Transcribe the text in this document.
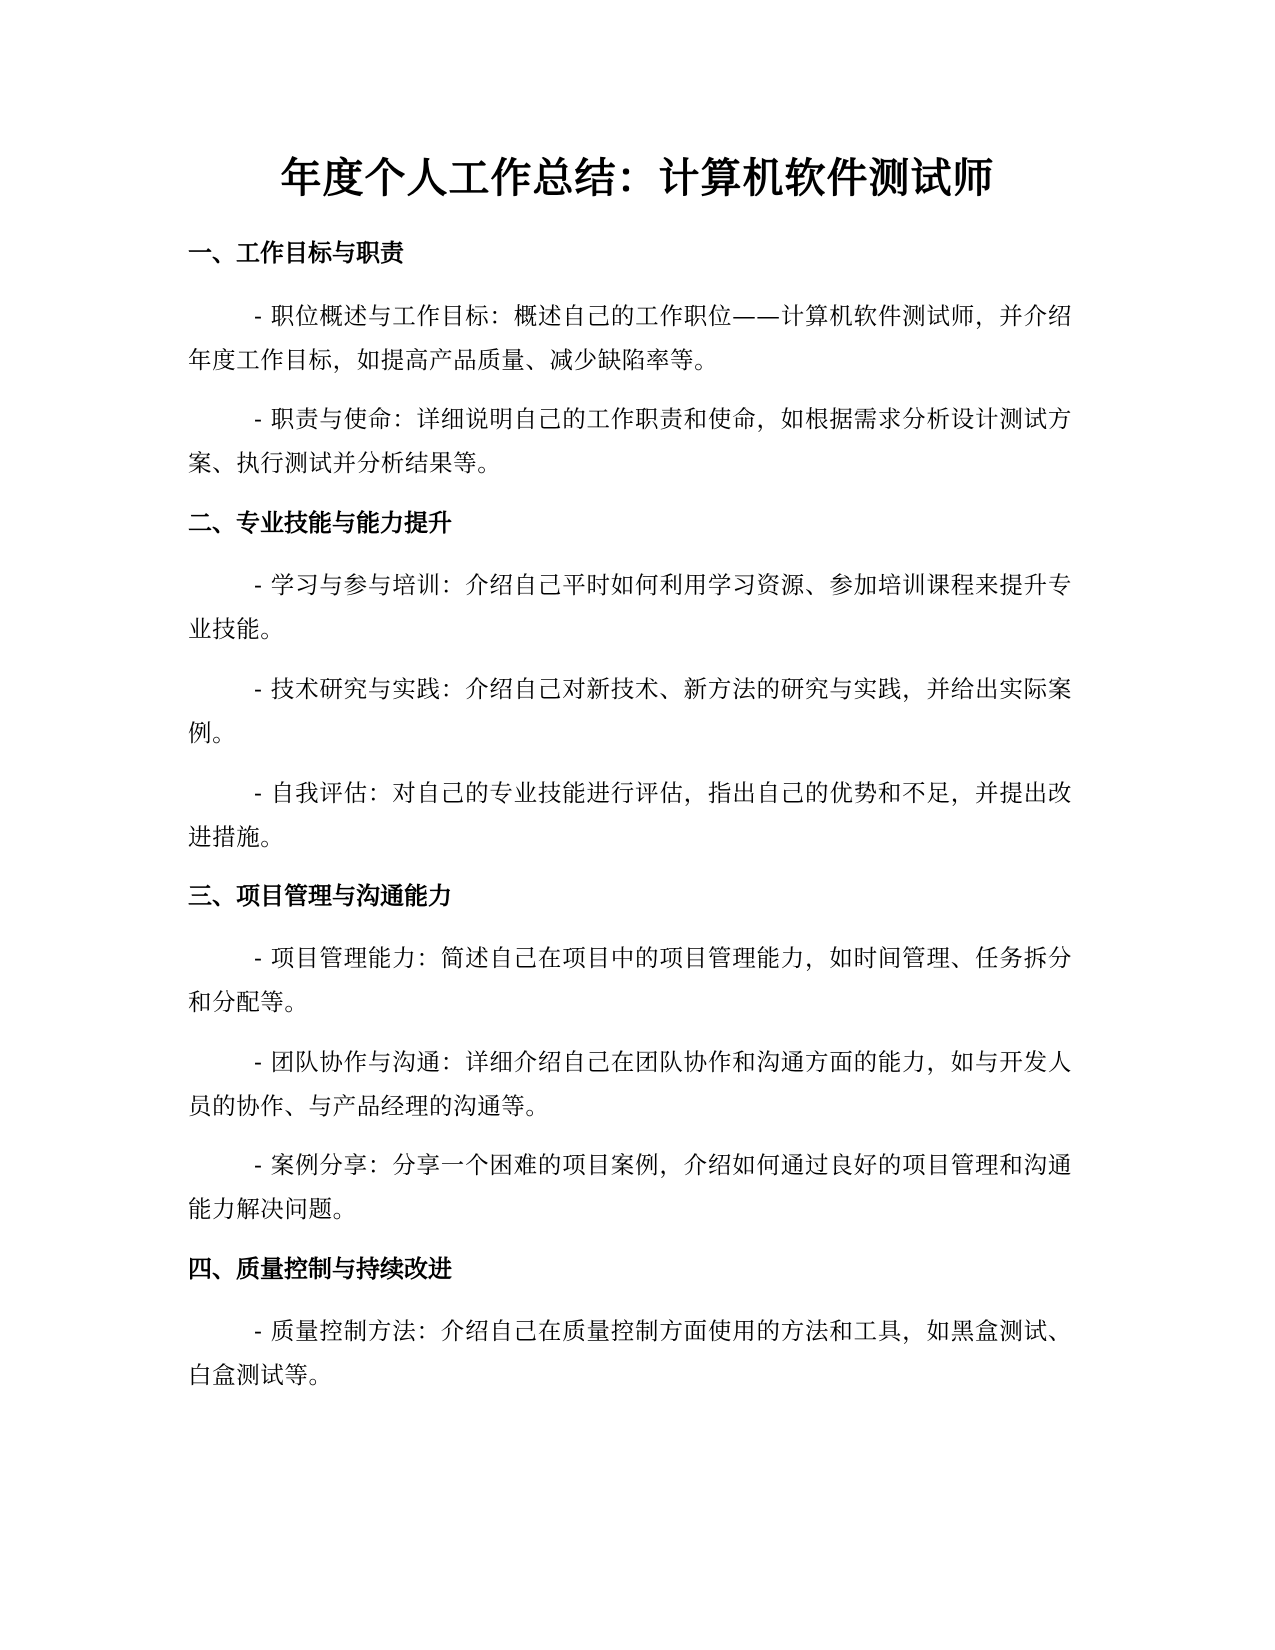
年度个人工作总结：计算机软件测试师
一、工作目标与职责

- 职位概述与工作目标：概述自己的工作职位——计算机软件测试师，并介绍年度工作目标，如提高产品质量、减少缺陷率等。

- 职责与使命：详细说明自己的工作职责和使命，如根据需求分析设计测试方案、执行测试并分析结果等。

二、专业技能与能力提升

- 学习与参与培训：介绍自己平时如何利用学习资源、参加培训课程来提升专业技能。

- 技术研究与实践：介绍自己对新技术、新方法的研究与实践，并给出实际案例。

- 自我评估：对自己的专业技能进行评估，指出自己的优势和不足，并提出改进措施。

三、项目管理与沟通能力

- 项目管理能力：简述自己在项目中的项目管理能力，如时间管理、任务拆分和分配等。

- 团队协作与沟通：详细介绍自己在团队协作和沟通方面的能力，如与开发人员的协作、与产品经理的沟通等。

- 案例分享：分享一个困难的项目案例，介绍如何通过良好的项目管理和沟通能力解决问题。

四、质量控制与持续改进

- 质量控制方法：介绍自己在质量控制方面使用的方法和工具，如黑盒测试、白盒测试等。
